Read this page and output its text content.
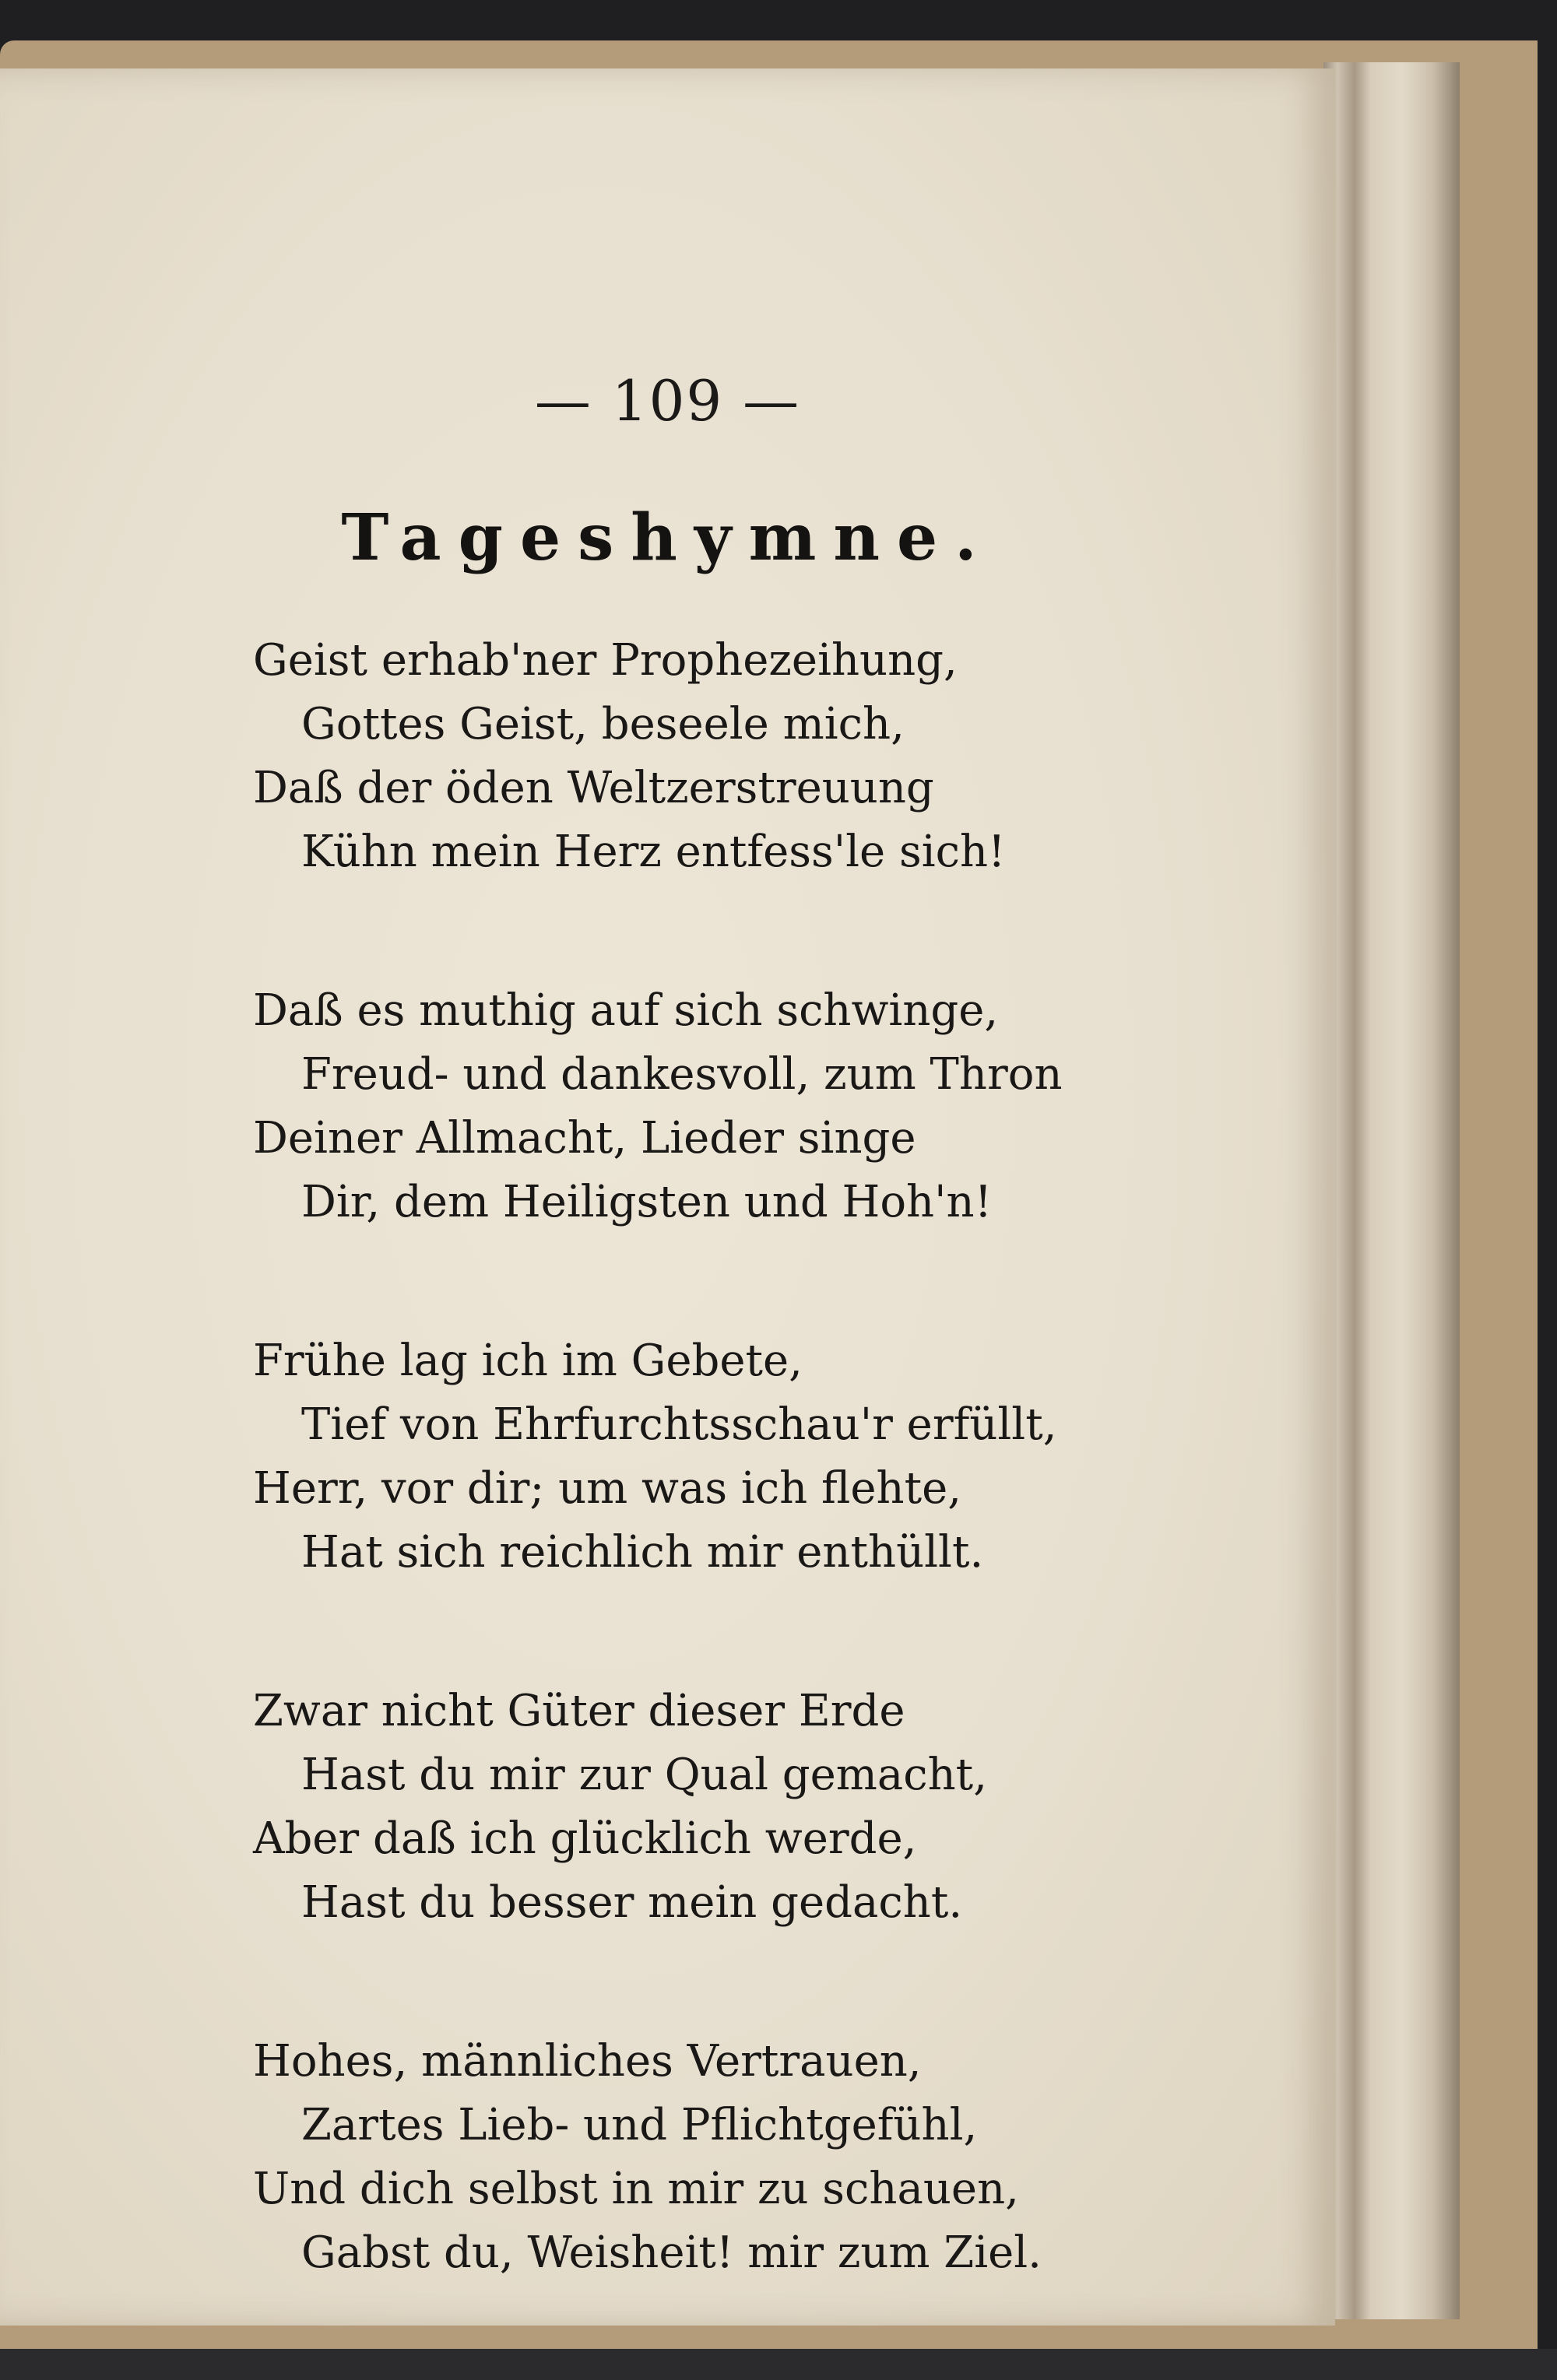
— 109 —
Tageshymne.
Geist erhab'ner Prophezeihung,
Gottes Geist, beseele mich,
Daß der öden Weltzerstreuung
Kühn mein Herz entfess'le sich!
Daß es muthig auf sich schwinge,
Freud- und dankesvoll, zum Thron
Deiner Allmacht, Lieder singe
Dir, dem Heiligsten und Hoh'n!
Frühe lag ich im Gebete,
Tief von Ehrfurchtsschau'r erfüllt,
Herr, vor dir; um was ich flehte,
Hat sich reichlich mir enthüllt.
Zwar nicht Güter dieser Erde
Hast du mir zur Qual gemacht,
Aber daß ich glücklich werde,
Hast du besser mein gedacht.
Hohes, männliches Vertrauen,
Zartes Lieb- und Pflichtgefühl,
Und dich selbst in mir zu schauen,
Gabst du, Weisheit! mir zum Ziel.
